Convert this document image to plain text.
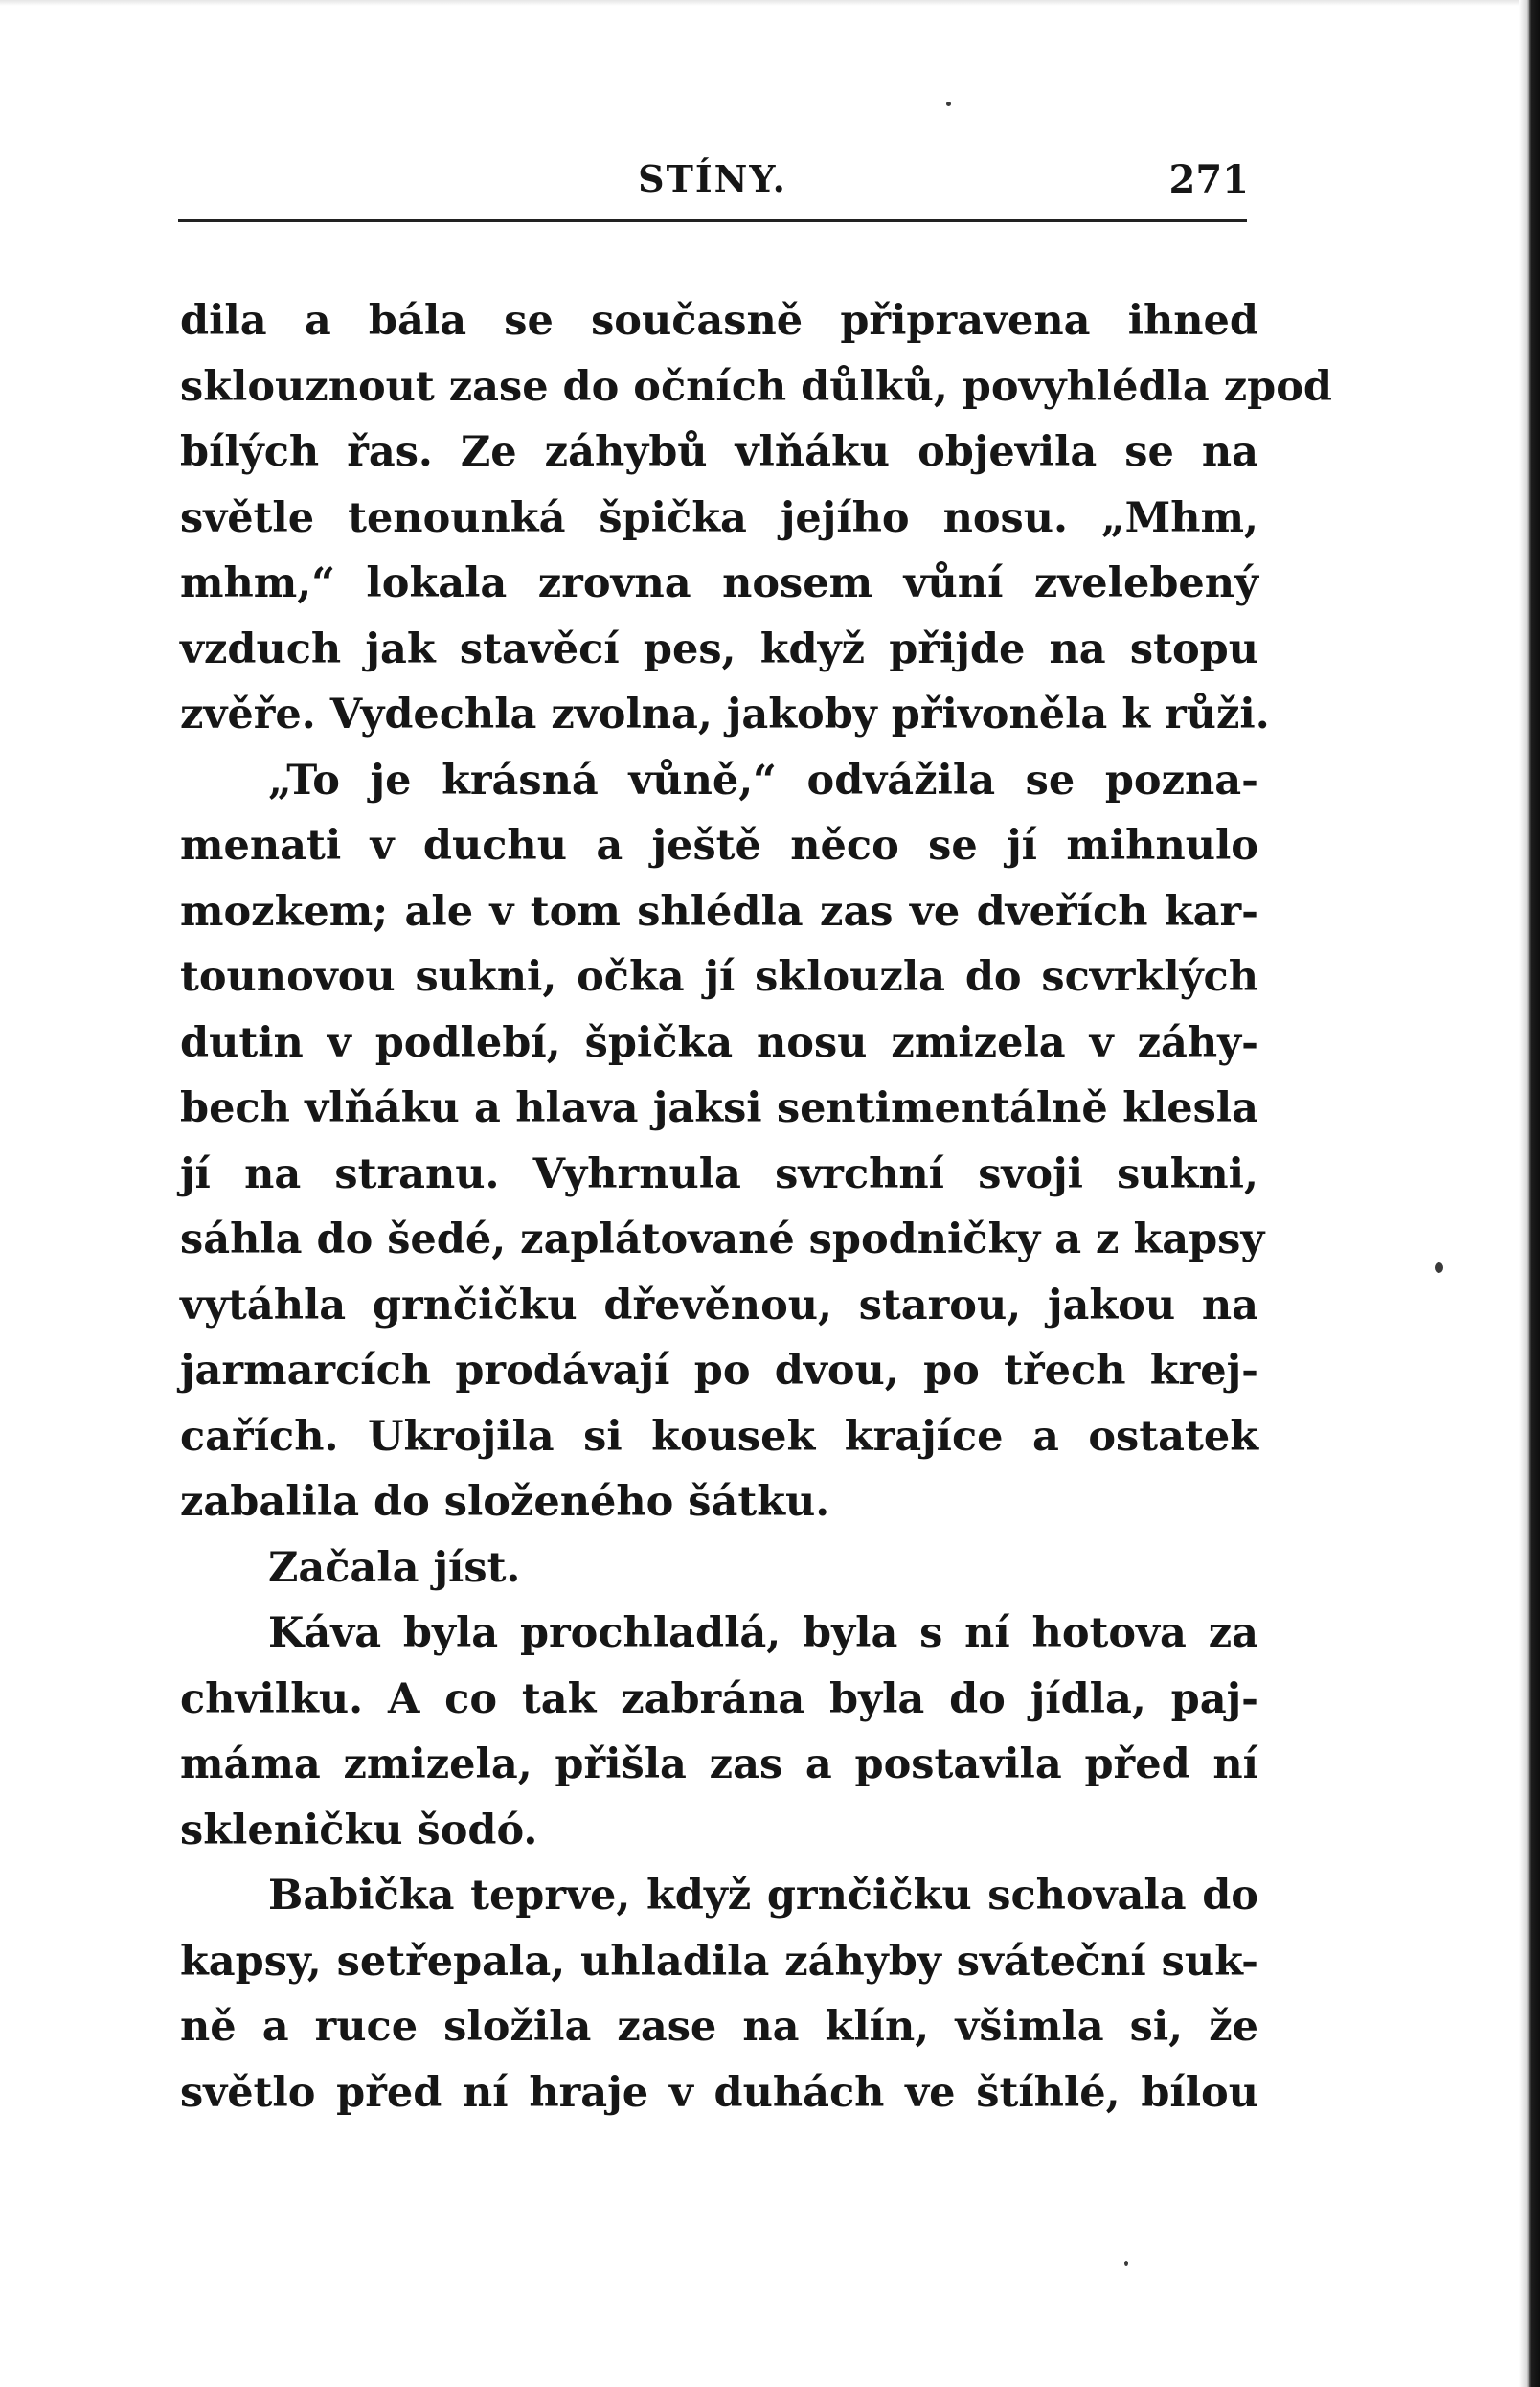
STÍNY.	271
dila a bála se současně připravena ihned
sklouznout zase do očních důlků, povyhlédla zpod
bílých řas. Ze záhybů vlňáku objevila se na
světle tenounká špička jejího nosu. „Mhm,
mhm,“ lokala zrovna nosem vůní zvelebený
vzduch jak stavěcí pes, když přijde na stopu
zvěře. Vydechla zvolna, jakoby přivoněla k růži.
„To je krásná vůně,“ odvážila se pozna-
menati v duchu a ještě něco se jí mihnulo
mozkem; ale v tom shlédla zas ve dveřích kar-
tounovou sukni, očka jí sklouzla do scvrklých
dutin v podlebí, špička nosu zmizela v záhy-
bech vlňáku a hlava jaksi sentimentálně klesla
jí na stranu. Vyhrnula svrchní svoji sukni,
sáhla do šedé, zaplátované spodničky a z kapsy
vytáhla grnčičku dřevěnou, starou, jakou na
jarmarcích prodávají po dvou, po třech krej-
cařích. Ukrojila si kousek krajíce a ostatek
zabalila do složeného šátku.
Začala jíst.
Káva byla prochladlá, byla s ní hotova za
chvilku. A co tak zabrána byla do jídla, paj-
máma zmizela, přišla zas a postavila před ní
skleničku šodó.
Babička teprve, když grnčičku schovala do
kapsy, setřepala, uhladila záhyby sváteční suk-
ně a ruce složila zase na klín, všimla si, že
světlo před ní hraje v duhách ve štíhlé, bílou
